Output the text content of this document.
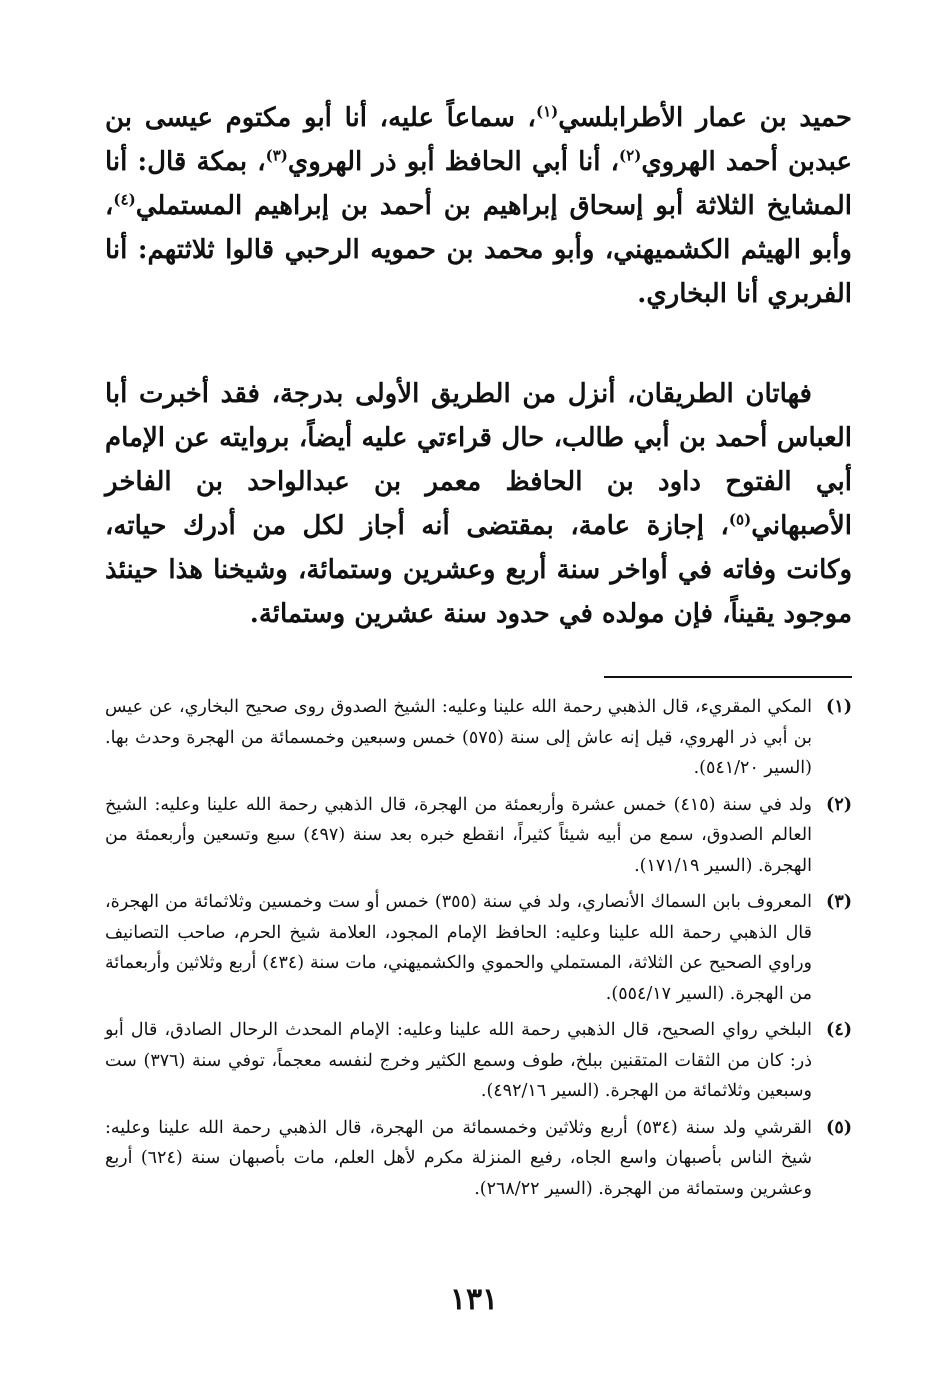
حميد بن عمار الأطرابلسي$^{(١)}$، سماعاً عليه، أنا أبو مكتوم عيسى بن عبدبن أحمد الهروي$^{(٢)}$، أنا أبي الحافظ أبو ذر الهروي$^{(٣)}$، بمكة قال: أنا المشايخ الثلاثة أبو إسحاق إبراهيم بن أحمد بن إبراهيم المستملي$^{(٤)}$، وأبو الهيثم الكشميهني، وأبو محمد بن حمويه الرحبي قالوا ثلاثتهم: أنا الفربري أنا البخاري.

فهاتان الطريقان، أنزل من الطريق الأولى بدرجة، فقد أخبرت أبا العباس أحمد بن أبي طالب، حال قراءتي عليه أيضاً، بروايته عن الإمام أبي الفتوح داود بن الحافظ معمر بن عبدالواحد بن الفاخر الأصبهاني$^{(٥)}$، إجازة عامة، بمقتضى أنه أجاز لكل من أدرك حياته، وكانت وفاته في أواخر سنة أربع وعشرين وستمائة، وشيخنا هذا حينئذ موجود يقيناً، فإن مولده في حدود سنة عشرين وستمائة.

(١)
المكي المقريء، قال الذهبي رحمة الله علينا وعليه: الشيخ الصدوق روى صحيح البخاري، عن عيس بن أبي ذر الهروي، قيل إنه عاش إلى سنة (٥٧٥) خمس وسبعين وخمسمائة من الهجرة وحدث بها. (السير ٥٤١/٢٠).
(٢)
ولد في سنة (٤١٥) خمس عشرة وأربعمئة من الهجرة، قال الذهبي رحمة الله علينا وعليه: الشيخ العالم الصدوق، سمع من أبيه شيئاً كثيراً، انقطع خبره بعد سنة (٤٩٧) سبع وتسعين وأربعمئة من الهجرة. (السير ١٧١/١٩).
(٣)
المعروف بابن السماك الأنصاري، ولد في سنة (٣٥٥) خمس أو ست وخمسين وثلاثمائة من الهجرة، قال الذهبي رحمة الله علينا وعليه: الحافظ الإمام المجود، العلامة شيخ الحرم، صاحب التصانيف وراوي الصحيح عن الثلاثة، المستملي والحموي والكشميهني، مات سنة (٤٣٤) أربع وثلاثين وأربعمائة من الهجرة. (السير ٥٥٤/١٧).
(٤)
البلخي رواي الصحيح، قال الذهبي رحمة الله علينا وعليه: الإمام المحدث الرحال الصادق، قال أبو ذر: كان من الثقات المتقنين ببلخ، طوف وسمع الكثير وخرج لنفسه معجماً، توفي سنة (٣٧٦) ست وسبعين وثلاثمائة من الهجرة. (السير ٤٩٢/١٦).
(٥)
القرشي ولد سنة (٥٣٤) أربع وثلاثين وخمسمائة من الهجرة، قال الذهبي رحمة الله علينا وعليه: شيخ الناس بأصبهان واسع الجاه، رفيع المنزلة مكرم لأهل العلم، مات بأصبهان سنة (٦٢٤) أربع وعشرين وستمائة من الهجرة. (السير ٢٦٨/٢٢).
١٣١
